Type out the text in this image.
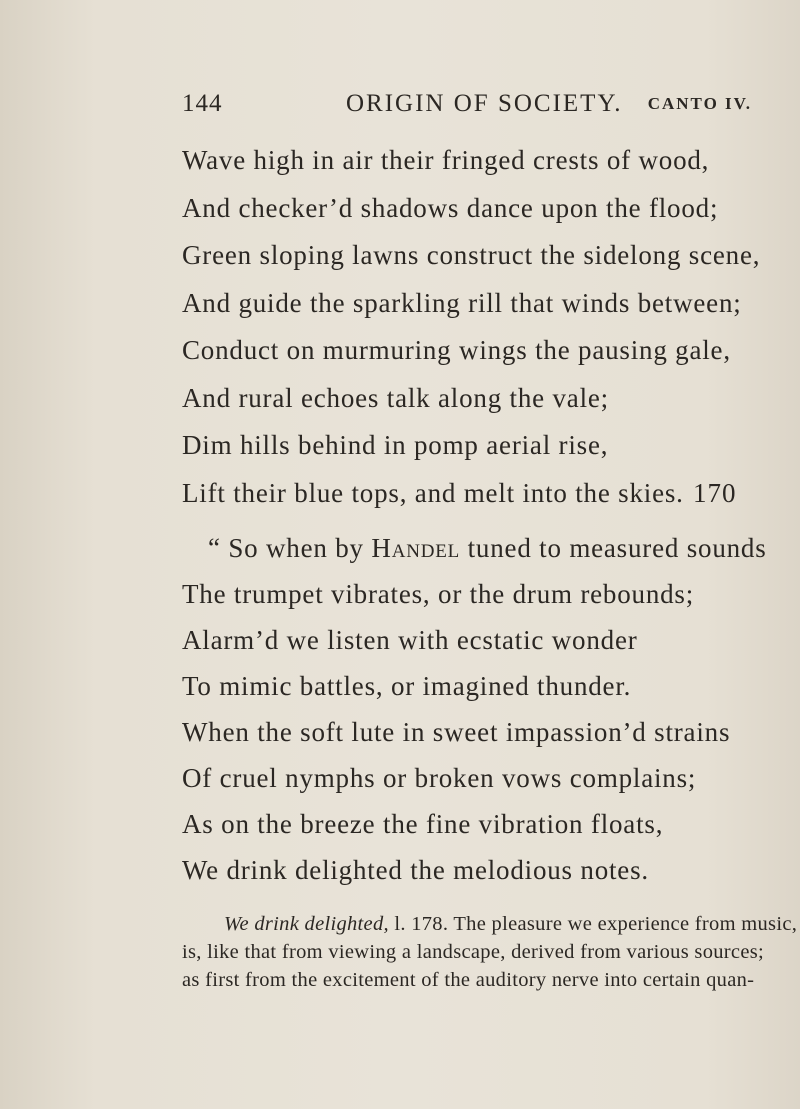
144	ORIGIN OF SOCIETY. CANTO IV.
Wave high in air their fringed crests of wood,
And checker’d shadows dance upon the flood;
Green sloping lawns construct the sidelong scene,
And guide the sparkling rill that winds between;
Conduct on murmuring wings the pausing gale,
And rural echoes talk along the vale;
Dim hills behind in pomp aerial rise,
Lift their blue tops, and melt into the skies. 170
“ So when by Handel tuned to measured sounds
The trumpet vibrates, or the drum rebounds;
Alarm’d we listen with ecstatic wonder
To mimic battles, or imagined thunder.
When the soft lute in sweet impassion’d strains
Of cruel nymphs or broken vows complains;
As on the breeze the fine vibration floats,
We drink delighted the melodious notes.
We drink delighted, l. 178. The pleasure we experience from music,
is, like that from viewing a landscape, derived from various sources;
as first from the excitement of the auditory nerve into certain quan-
